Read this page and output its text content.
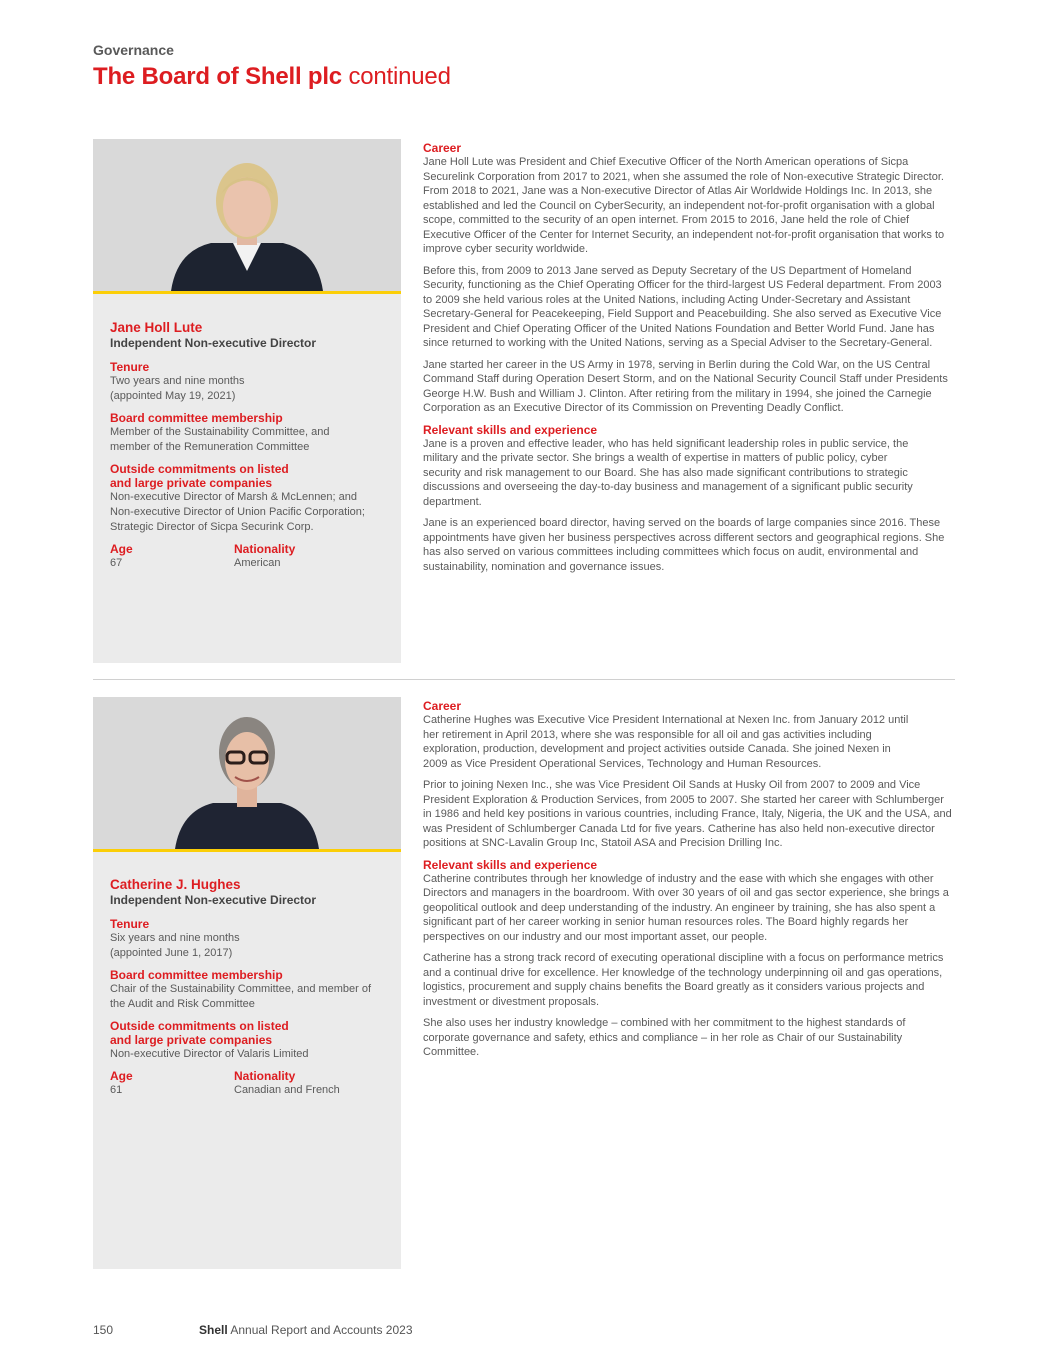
Governance

The Board of Shell plc continued
Jane Holl Lute
Independent Non-executive Director
Tenure
Two years and nine months
(appointed May 19, 2021)
Board committee membership
Member of the Sustainability Committee, and member of the Remuneration Committee
Outside commitments on listed
and large private companies
Non-executive Director of Marsh & McLennen; and Non-executive Director of Union Pacific Corporation; Strategic Director of Sicpa Securink Corp.
Age
67
Nationality
American
Career

Jane Holl Lute was President and Chief Executive Officer of the North American operations of Sicpa Securelink Corporation from 2017 to 2021, when she assumed the role of Non-executive Strategic Director. From 2018 to 2021, Jane was a Non-executive Director of Atlas Air Worldwide Holdings Inc. In 2013, she established and led the Council on CyberSecurity, an independent not-for-profit organisation with a global scope, committed to the security of an open internet. From 2015 to 2016, Jane held the role of Chief Executive Officer of the Center for Internet Security, an independent not-for-profit organisation that works to improve cyber security worldwide.

Before this, from 2009 to 2013 Jane served as Deputy Secretary of the US Department of Homeland Security, functioning as the Chief Operating Officer for the third-largest US Federal department. From 2003 to 2009 she held various roles at the United Nations, including Acting Under-Secretary and Assistant Secretary-General for Peacekeeping, Field Support and Peacebuilding. She also served as Executive Vice President and Chief Operating Officer of the United Nations Foundation and Better World Fund. Jane has since returned to working with the United Nations, serving as a Special Adviser to the Secretary-General.

Jane started her career in the US Army in 1978, serving in Berlin during the Cold War, on the US Central Command Staff during Operation Desert Storm, and on the National Security Council Staff under Presidents George H.W. Bush and William J. Clinton. After retiring from the military in 1994, she joined the Carnegie Corporation as an Executive Director of its Commission on Preventing Deadly Conflict.

Relevant skills and experience

Jane is a proven and effective leader, who has held significant leadership roles in public service, the military and the private sector. She brings a wealth of expertise in matters of public policy, cyber security and risk management to our Board. She has also made significant contributions to strategic discussions and overseeing the day-to-day business and management of a significant public security department.

Jane is an experienced board director, having served on the boards of large companies since 2016. These appointments have given her business perspectives across different sectors and geographical regions. She has also served on various committees including committees which focus on audit, environmental and sustainability, nomination and governance issues.

Catherine J. Hughes
Independent Non-executive Director
Tenure
Six years and nine months
(appointed June 1, 2017)
Board committee membership
Chair of the Sustainability Committee, and member of the Audit and Risk Committee
Outside commitments on listed
and large private companies
Non-executive Director of Valaris Limited
Age
61
Nationality
Canadian and French
Career

Catherine Hughes was Executive Vice President International at Nexen Inc. from January 2012 until her retirement in April 2013, where she was responsible for all oil and gas activities including exploration, production, development and project activities outside Canada. She joined Nexen in 2009 as Vice President Operational Services, Technology and Human Resources.

Prior to joining Nexen Inc., she was Vice President Oil Sands at Husky Oil from 2007 to 2009 and Vice President Exploration & Production Services, from 2005 to 2007. She started her career with Schlumberger in 1986 and held key positions in various countries, including France, Italy, Nigeria, the UK and the USA, and was President of Schlumberger Canada Ltd for five years. Catherine has also held non-executive director positions at SNC-Lavalin Group Inc, Statoil ASA and Precision Drilling Inc.

Relevant skills and experience

Catherine contributes through her knowledge of industry and the ease with which she engages with other Directors and managers in the boardroom. With over 30 years of oil and gas sector experience, she brings a geopolitical outlook and deep understanding of the industry. An engineer by training, she has also spent a significant part of her career working in senior human resources roles. The Board highly regards her perspectives on our industry and our most important asset, our people.

Catherine has a strong track record of executing operational discipline with a focus on performance metrics and a continual drive for excellence. Her knowledge of the technology underpinning oil and gas operations, logistics, procurement and supply chains benefits the Board greatly as it considers various projects and investment or divestment proposals.

She also uses her industry knowledge – combined with her commitment to the highest standards of corporate governance and safety, ethics and compliance – in her role as Chair of our Sustainability Committee.

150	Shell Annual Report and Accounts 2023
